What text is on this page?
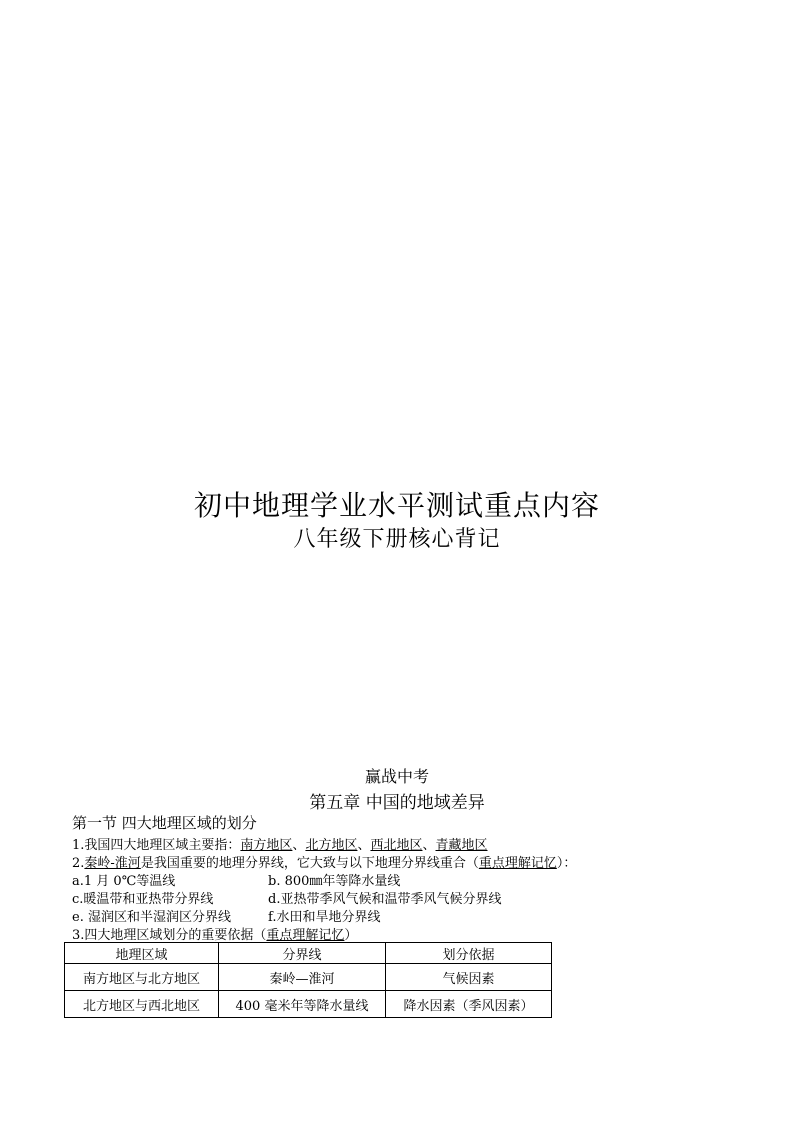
初中地理学业水平测试重点内容
八年级下册核心背记
赢战中考
第五章 中国的地域差异
第一节 四大地理区域的划分
1.我国四大地理区域主要指：南方地区、北方地区、西北地区、青藏地区
2.秦岭-淮河是我国重要的地理分界线，它大致与以下地理分界线重合（重点理解记忆）：
a.1 月 0℃等温线	b. 800㎜年等降水量线
c.暖温带和亚热带分界线	d.亚热带季风气候和温带季风气候分界线
e. 湿润区和半湿润区分界线	f.水田和旱地分界线
3.四大地理区域划分的重要依据（重点理解记忆）
地理区域	分界线	划分依据
南方地区与北方地区	秦岭—淮河	气候因素
北方地区与西北地区	400 毫米年等降水量线	降水因素（季风因素）
